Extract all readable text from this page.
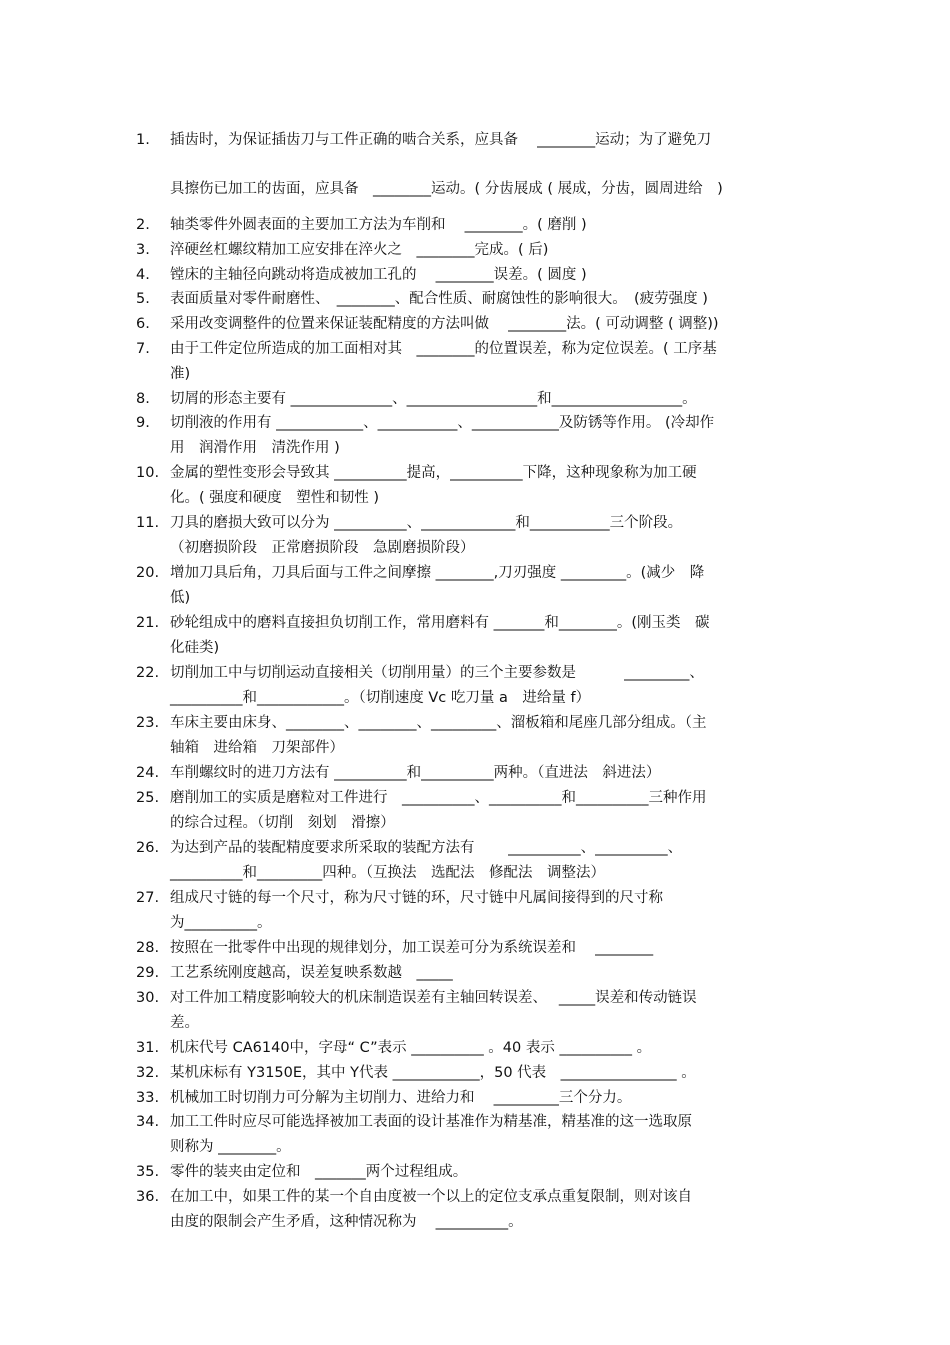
1.	插齿时，为保证插齿刀与工件正确的啮合关系，应具备　 ________运动；为了避免刀
具擦伤已加工的齿面，应具备　________运动。( 分齿展成 ( 展成，分齿，圆周进给　)
2.	轴类零件外圆表面的主要加工方法为车削和　 ________。( 磨削 )
3.	淬硬丝杠螺纹精加工应安排在淬火之　________完成。( 后)
4.	镗床的主轴径向跳动将造成被加工孔的　 ________误差。( 圆度 )
5.	表面质量对零件耐磨性、　________、配合性质、耐腐蚀性的影响很大。　(疲劳强度 )
6.	采用改变调整件的位置来保证装配精度的方法叫做　 ________法。( 可动调整 ( 调整))
7.	由于工件定位所造成的加工面相对其　________的位置误差，称为定位误差。( 工序基
准)
8.	切屑的形态主要有 ______________、__________________和__________________。
9.	切削液的作用有 ____________、___________、____________及防锈等作用。 (冷却作
用　润滑作用　清洗作用 )
10. 金属的塑性变形会导致其 __________提高，__________下降，这种现象称为加工硬
化。( 强度和硬度　塑性和韧性 )
11. 刀具的磨损大致可以分为 __________、_____________和___________三个阶段。
（初磨损阶段　正常磨损阶段　急剧磨损阶段）
20. 增加刀具后角，刀具后面与工件之间摩擦 ________,刀刃强度 _________。(减少　降
低)
21. 砂轮组成中的磨料直接担负切削工作，常用磨料有 _______和________。(刚玉类　碳
化硅类)
22. 切削加工中与切削运动直接相关（切削用量）的三个主要参数是　　　 _________、
__________和____________。（切削速度 Vc 吃刀量 a　进给量 f）
23. 车床主要由床身、________、________、_________、溜板箱和尾座几部分组成。（主
轴箱　进给箱　刀架部件）
24. 车削螺纹时的进刀方法有 __________和__________两种。（直进法　斜进法）
25. 磨削加工的实质是磨粒对工件进行　__________、__________和__________三种作用
的综合过程。（切削　刻划　滑擦）
26. 为达到产品的装配精度要求所采取的装配方法有　　 __________、__________、
__________和_________四种。（互换法　选配法　修配法　调整法）
27. 组成尺寸链的每一个尺寸，称为尺寸链的环，尺寸链中凡属间接得到的尺寸称
为__________。
28. 按照在一批零件中出现的规律划分，加工误差可分为系统误差和　 ________
29. 工艺系统刚度越高，误差复映系数越　_____
30. 对工件加工精度影响较大的机床制造误差有主轴回转误差、　 _____误差和传动链误
差。
31. 机床代号 CA6140中，字母“ C”表示 __________ 。40 表示 __________ 。
32. 某机床标有 Y3150E，其中 Y代表 ____________，50 代表　________________ 。
33. 机械加工时切削力可分解为主切削力、进给力和　 _________三个分力。
34. 加工工件时应尽可能选择被加工表面的设计基准作为精基准，精基准的这一选取原
则称为 ________。
35. 零件的装夹由定位和　_______两个过程组成。
36. 在加工中，如果工件的某一个自由度被一个以上的定位支承点重复限制，则对该自
由度的限制会产生矛盾，这种情况称为　 __________。
